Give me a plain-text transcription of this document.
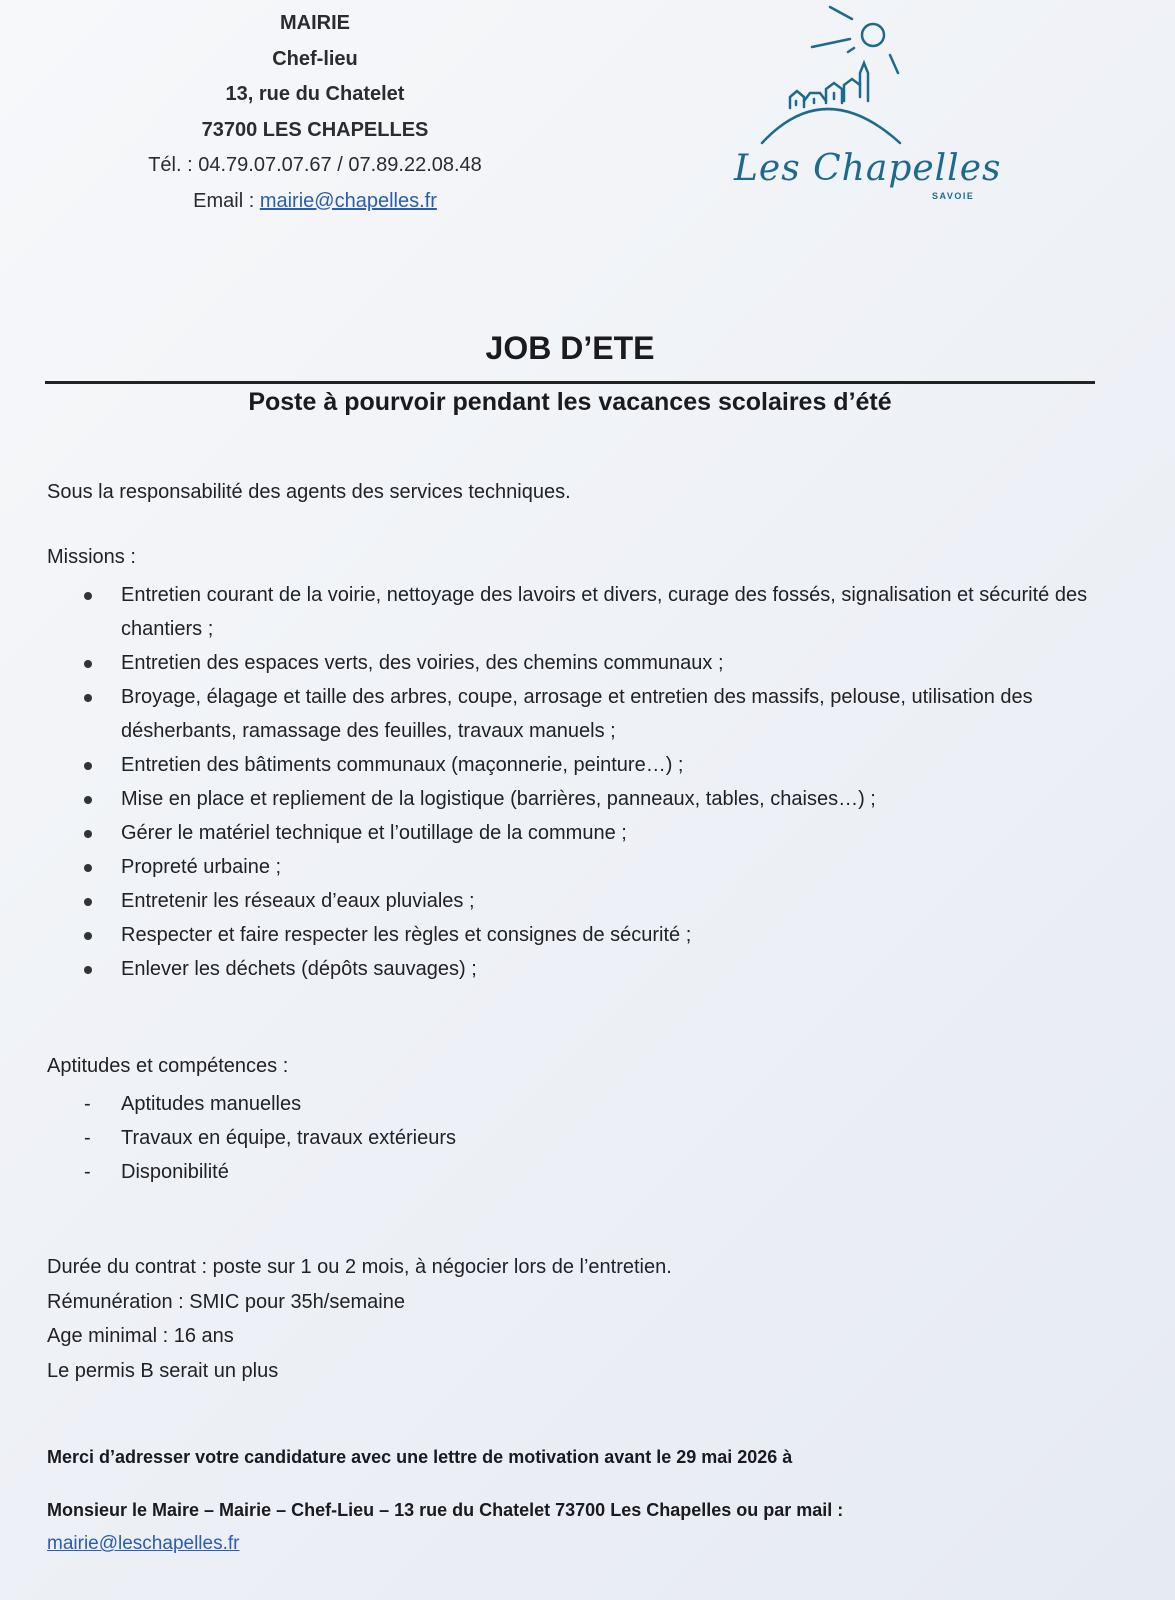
MAIRIE
Chef-lieu
13, rue du Chatelet
73700 LES CHAPELLES
Tél. : 04.79.07.07.67 / 07.89.22.08.48
Email : mairie@chapelles.fr
Les Chapelles
SAVOIE
JOB D’ETE
Poste à pourvoir pendant les vacances scolaires d’été
Sous la responsabilité des agents des services techniques.
Missions :
Entretien courant de la voirie, nettoyage des lavoirs et divers, curage des fossés, signalisation et sécurité des chantiers ;
Entretien des espaces verts, des voiries, des chemins communaux ;
Broyage, élagage et taille des arbres, coupe, arrosage et entretien des massifs, pelouse, utilisation des désherbants, ramassage des feuilles, travaux manuels ;
Entretien des bâtiments communaux (maçonnerie, peinture…) ;
Mise en place et repliement de la logistique (barrières, panneaux, tables, chaises…) ;
Gérer le matériel technique et l’outillage de la commune ;
Propreté urbaine ;
Entretenir les réseaux d’eaux pluviales ;
Respecter et faire respecter les règles et consignes de sécurité ;
Enlever les déchets (dépôts sauvages) ;
Aptitudes et compétences :
- Aptitudes manuelles
- Travaux en équipe, travaux extérieurs
- Disponibilité
Durée du contrat : poste sur 1 ou 2 mois, à négocier lors de l’entretien.
Rémunération : SMIC pour 35h/semaine
Age minimal : 16 ans
Le permis B serait un plus
Merci d’adresser votre candidature avec une lettre de motivation avant le 29 mai 2026 à
Monsieur le Maire – Mairie – Chef-Lieu – 13 rue du Chatelet 73700 Les Chapelles ou par mail :
mairie@leschapelles.fr
